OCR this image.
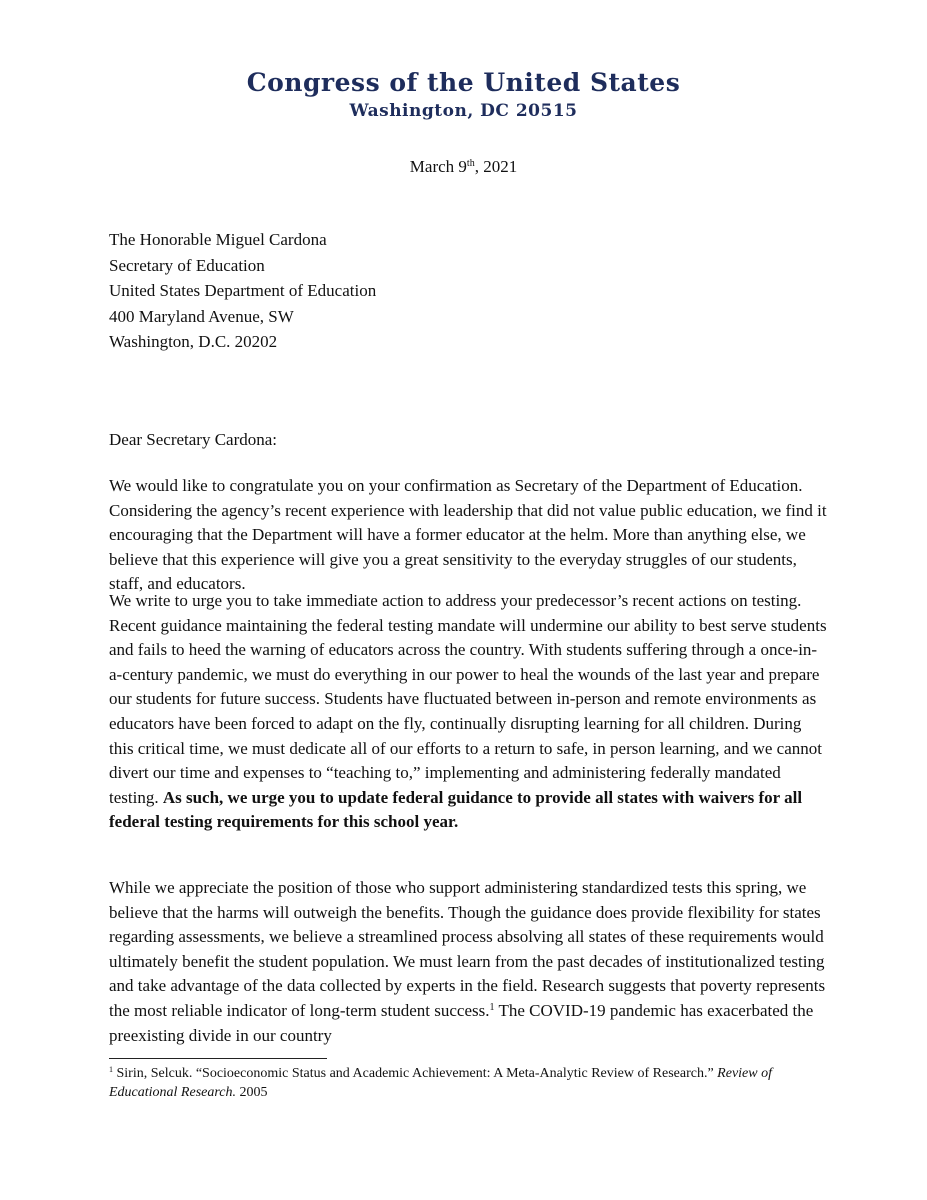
Congress of the United States
Washington, DC 20515
March 9th, 2021
The Honorable Miguel Cardona
Secretary of Education
United States Department of Education
400 Maryland Avenue, SW
Washington, D.C. 20202
Dear Secretary Cardona:

We would like to congratulate you on your confirmation as Secretary of the Department of Education. Considering the agency’s recent experience with leadership that did not value public education, we find it encouraging that the Department will have a former educator at the helm. More than anything else, we believe that this experience will give you a great sensitivity to the everyday struggles of our students, staff, and educators.

We write to urge you to take immediate action to address your predecessor’s recent actions on testing. Recent guidance maintaining the federal testing mandate will undermine our ability to best serve students and fails to heed the warning of educators across the country. With students suffering through a once-in-a-century pandemic, we must do everything in our power to heal the wounds of the last year and prepare our students for future success. Students have fluctuated between in-person and remote environments as educators have been forced to adapt on the fly, continually disrupting learning for all children. During this critical time, we must dedicate all of our efforts to a return to safe, in person learning, and we cannot divert our time and expenses to “teaching to,” implementing and administering federally mandated testing. As such, we urge you to update federal guidance to provide all states with waivers for all federal testing requirements for this school year.

While we appreciate the position of those who support administering standardized tests this spring, we believe that the harms will outweigh the benefits. Though the guidance does provide flexibility for states regarding assessments, we believe a streamlined process absolving all states of these requirements would ultimately benefit the student population. We must learn from the past decades of institutionalized testing and take advantage of the data collected by experts in the field. Research suggests that poverty represents the most reliable indicator of long-term student success.$^1$ The COVID-19 pandemic has exacerbated the preexisting divide in our country

$^1$ Sirin, Selcuk. “Socioeconomic Status and Academic Achievement: A Meta-Analytic Review of Research.” Review of Educational Research. 2005
